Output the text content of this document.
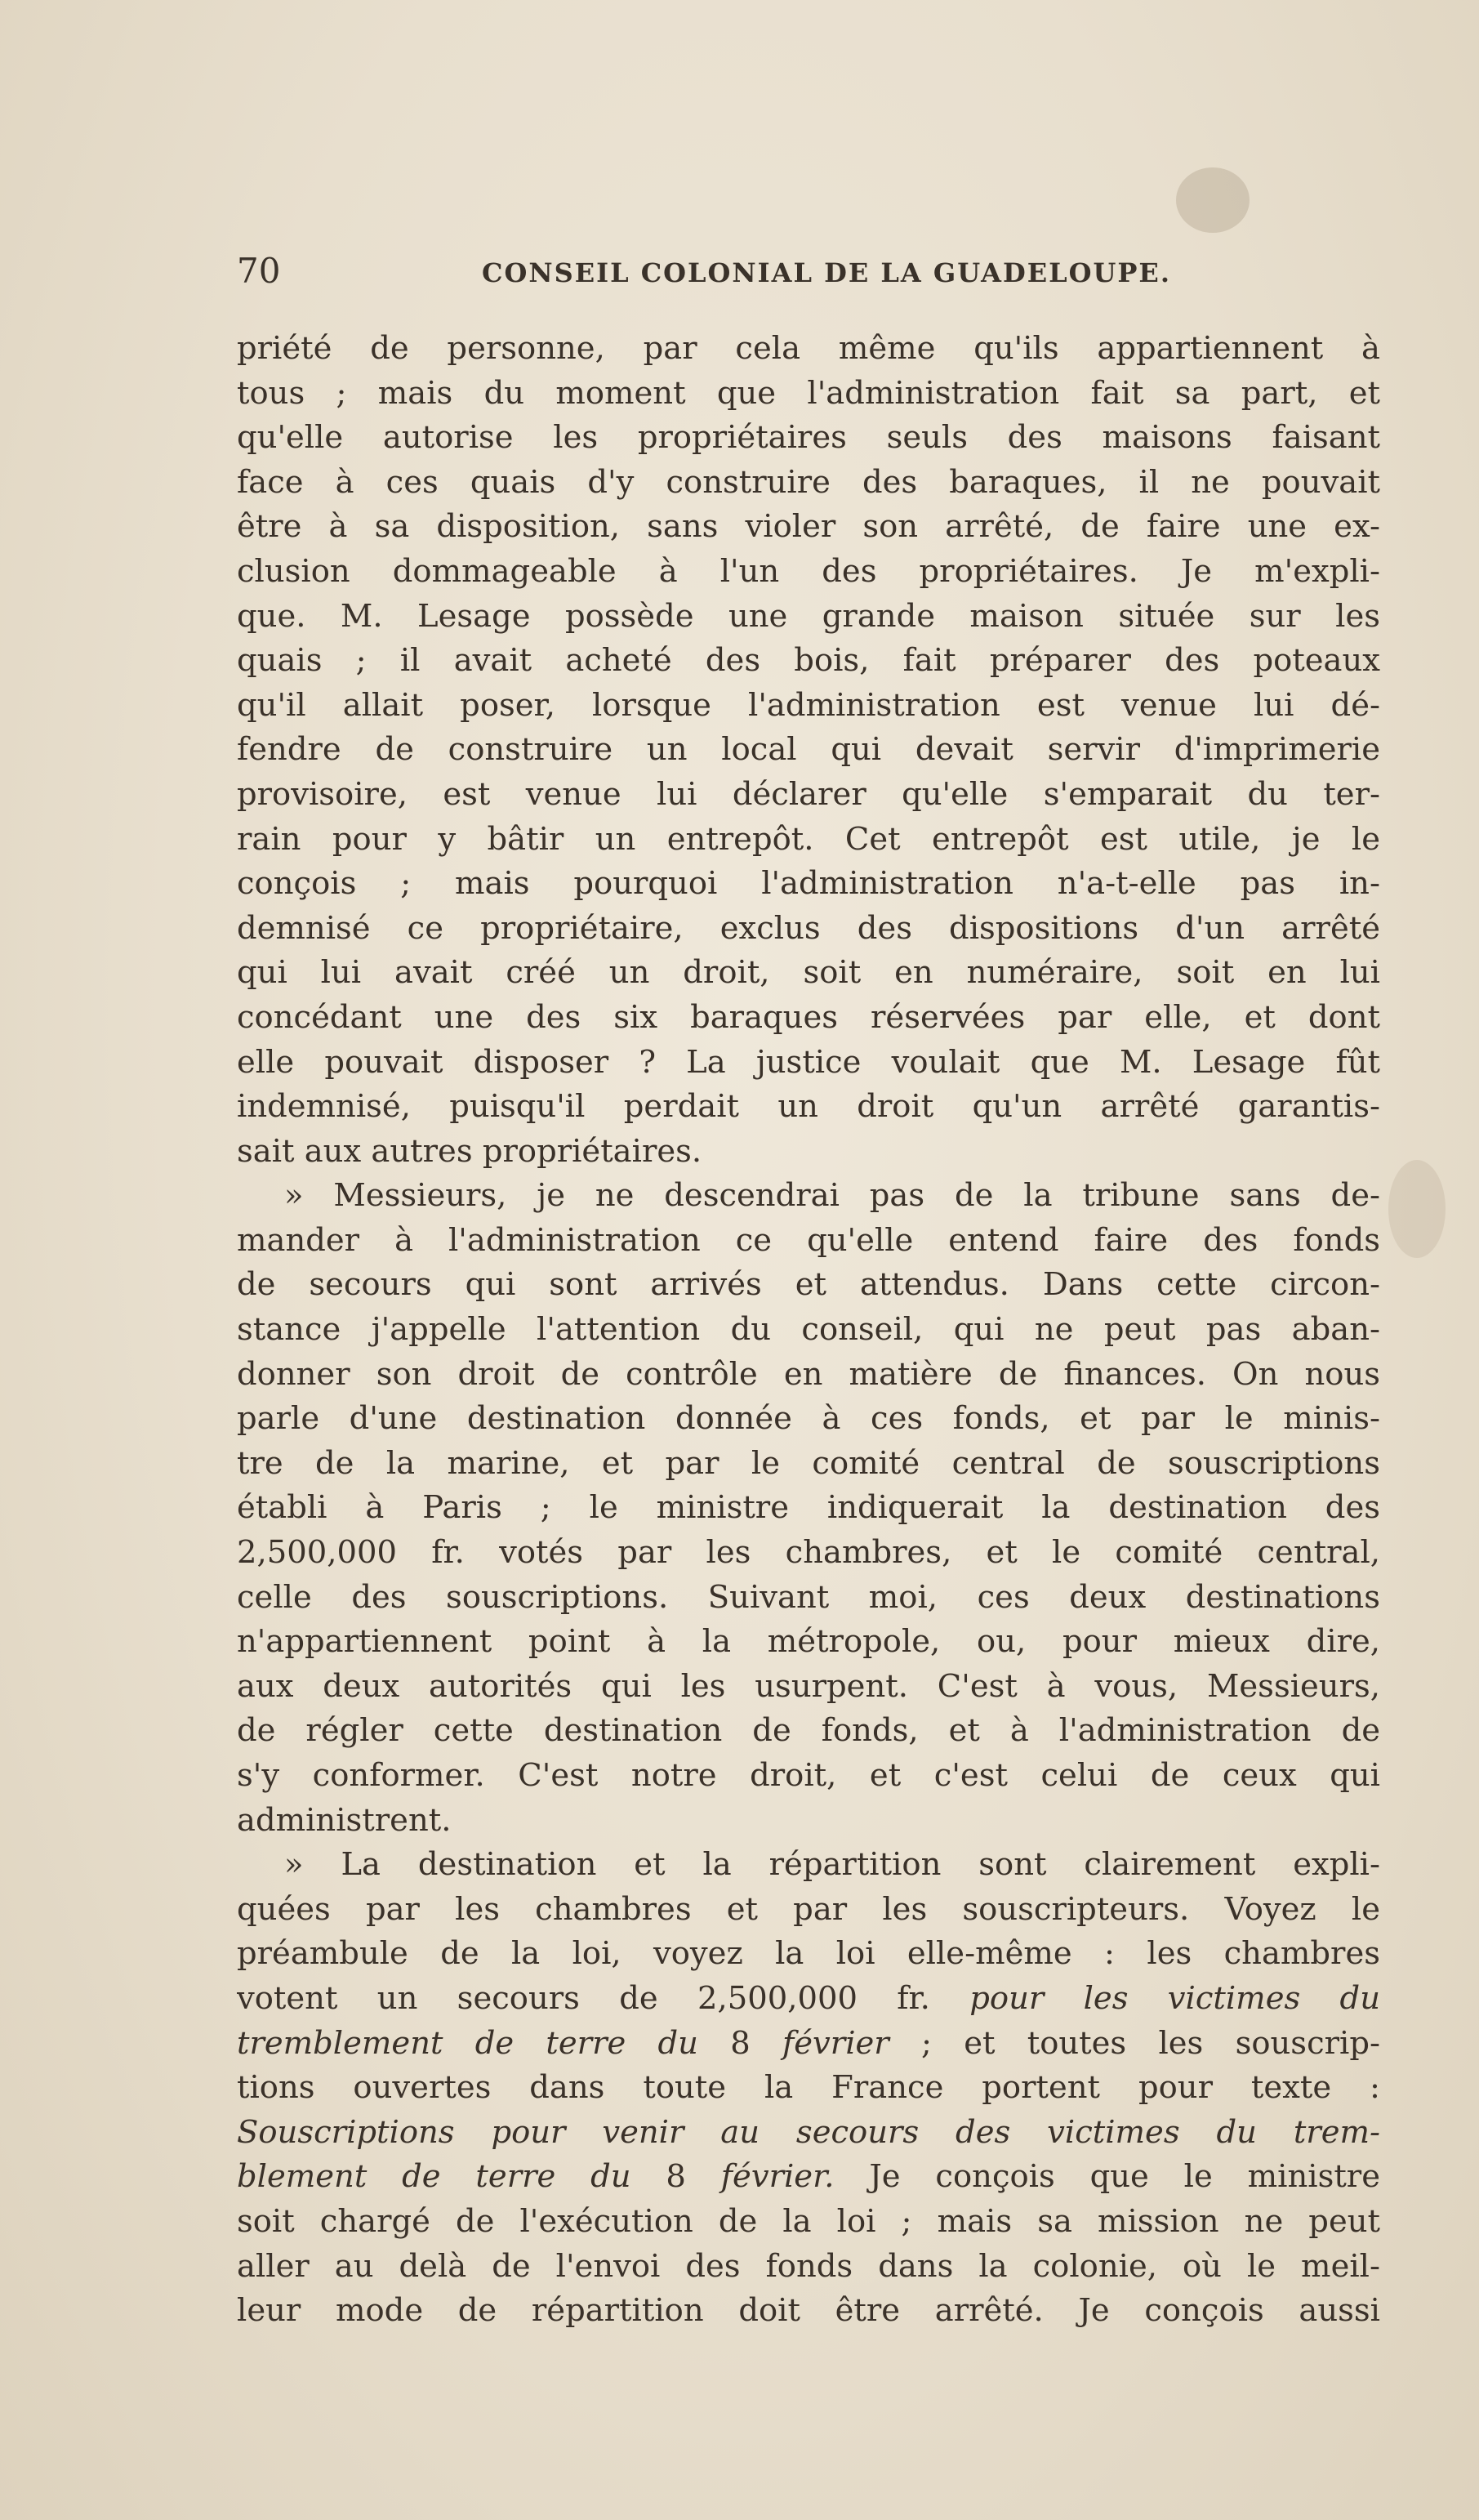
70	CONSEIL COLONIAL DE LA GUADELOUPE.
priété de personne, par cela même qu'ils appartiennent à
tous ; mais du moment que l'administration fait sa part, et
qu'elle autorise les propriétaires seuls des maisons faisant
face à ces quais d'y construire des baraques, il ne pouvait
être à sa disposition, sans violer son arrêté, de faire une ex-
clusion dommageable à l'un des propriétaires. Je m'expli-
que. M. Lesage possède une grande maison située sur les
quais ; il avait acheté des bois, fait préparer des poteaux
qu'il allait poser, lorsque l'administration est venue lui dé-
fendre de construire un local qui devait servir d'imprimerie
provisoire, est venue lui déclarer qu'elle s'emparait du ter-
rain pour y bâtir un entrepôt. Cet entrepôt est utile, je le
conçois ; mais pourquoi l'administration n'a-t-elle pas in-
demnisé ce propriétaire, exclus des dispositions d'un arrêté
qui lui avait créé un droit, soit en numéraire, soit en lui
concédant une des six baraques réservées par elle, et dont
elle pouvait disposer ? La justice voulait que M. Lesage fût
indemnisé, puisqu'il perdait un droit qu'un arrêté garantis-
sait aux autres propriétaires.
» Messieurs, je ne descendrai pas de la tribune sans de-
mander à l'administration ce qu'elle entend faire des fonds
de secours qui sont arrivés et attendus. Dans cette circon-
stance j'appelle l'attention du conseil, qui ne peut pas aban-
donner son droit de contrôle en matière de finances. On nous
parle d'une destination donnée à ces fonds, et par le minis-
tre de la marine, et par le comité central de souscriptions
établi à Paris ; le ministre indiquerait la destination des
2,500,000 fr. votés par les chambres, et le comité central,
celle des souscriptions. Suivant moi, ces deux destinations
n'appartiennent point à la métropole, ou, pour mieux dire,
aux deux autorités qui les usurpent. C'est à vous, Messieurs,
de régler cette destination de fonds, et à l'administration de
s'y conformer. C'est notre droit, et c'est celui de ceux qui
administrent.
» La destination et la répartition sont clairement expli-
quées par les chambres et par les souscripteurs. Voyez le
préambule de la loi, voyez la loi elle-même : les chambres
votent un secours de 2,500,000 fr. pour les victimes du
tremblement de terre du 8 février ; et toutes les souscrip-
tions ouvertes dans toute la France portent pour texte :
Souscriptions pour venir au secours des victimes du trem-
blement de terre du 8 février. Je conçois que le ministre
soit chargé de l'exécution de la loi ; mais sa mission ne peut
aller au delà de l'envoi des fonds dans la colonie, où le meil-
leur mode de répartition doit être arrêté. Je conçois aussi
